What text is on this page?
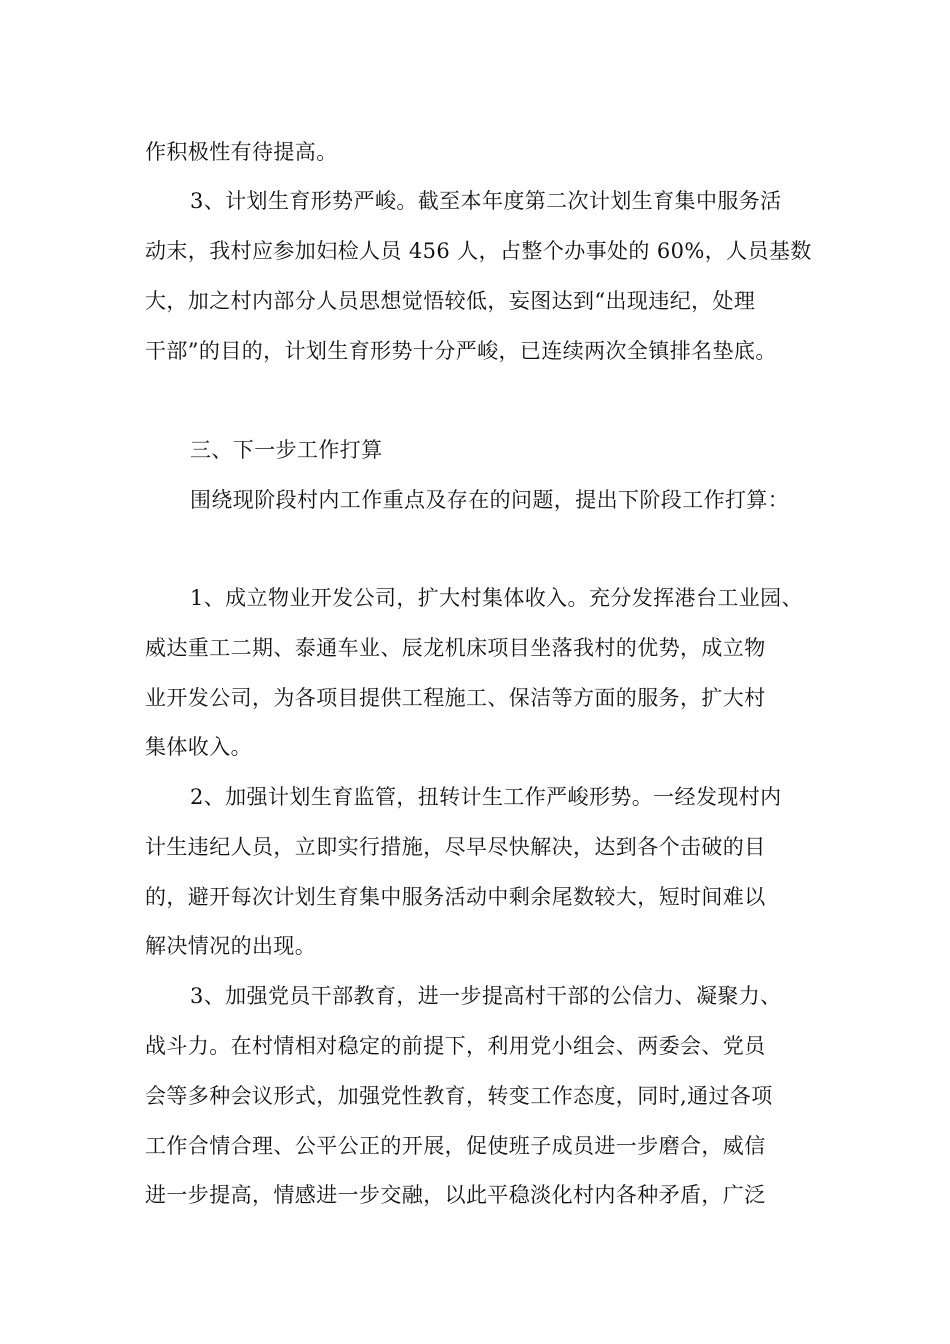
作积极性有待提高。
3、计划生育形势严峻。截至本年度第二次计划生育集中服务活
动末，我村应参加妇检人员 456 人，占整个办事处的 60%，人员基数
大，加之村内部分人员思想觉悟较低，妄图达到“出现违纪，处理
干部”的目的，计划生育形势十分严峻，已连续两次全镇排名垫底。
三、下一步工作打算
围绕现阶段村内工作重点及存在的问题，提出下阶段工作打算：
1、成立物业开发公司，扩大村集体收入。充分发挥港台工业园、
威达重工二期、泰通车业、辰龙机床项目坐落我村的优势，成立物
业开发公司，为各项目提供工程施工、保洁等方面的服务，扩大村
集体收入。
2、加强计划生育监管，扭转计生工作严峻形势。一经发现村内
计生违纪人员，立即实行措施，尽早尽快解决，达到各个击破的目
的，避开每次计划生育集中服务活动中剩余尾数较大，短时间难以
解决情况的出现。
3、加强党员干部教育，进一步提高村干部的公信力、凝聚力、
战斗力。在村情相对稳定的前提下，利用党小组会、两委会、党员
会等多种会议形式，加强党性教育，转变工作态度，同时,通过各项
工作合情合理、公平公正的开展，促使班子成员进一步磨合，威信
进一步提高，情感进一步交融，以此平稳淡化村内各种矛盾，广泛
